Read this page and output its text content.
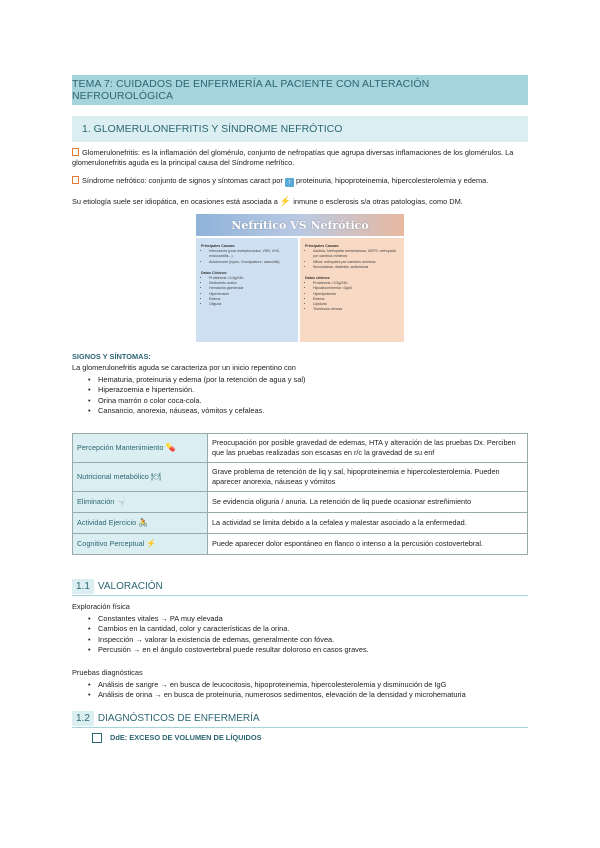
TEMA 7: CUIDADOS DE ENFERMERÍA AL PACIENTE CON ALTERACIÓN NEFROUROLÓGICA
1. GLOMERULONEFRITIS Y SÍNDROME NEFRÓTICO
Glomerulonefritis: es la inflamación del glomérulo, conjunto de nefropatías que agrupa diversas inflamaciones de los glomérulos. La glomerulonefritis aguda es la principal causa del Síndrome nefrítico.
Síndrome nefrótico: conjunto de signos y síntomas caract por ↑ proteinuria, hipoproteinemia, hipercolesterolemia y edema.
Su etiología suele ser idiopática, en ocasiones está asociada a ⚡ inmune o esclerosis s/a otras patologías, como DM.
Nefrítico VS Nefrótico
Principales Causas:
• Infecciones (post estreptocócica, VHB, VHC, endocarditis...)
• Autoinmune (lupus, Goodpasture, vasculitis)
Datos Clínicos:
• Proteinuria <3,5g/24h
• Sedimento activo
• Hematuria glomerular
• Hipertensión
• Edema
• Oliguria
Principales Causas:
• Adultos: Nefropatía membranosa, GEFS, nefropatía por cambios mínimos
• Niños: nefropatía por cambios mínimos
• Secundarias: diabetes, amiloidosis
Datos clínicos:
• Proteinuria >3,5g/24h
• Hipoalbuminemia <3g/dl
• Hiperlipidemia
• Edema
• Lipiduria
• Trombosis venosa
SIGNOS Y SÍNTOMAS:
La glomerulonefritis aguda se caracteriza por un inicio repentino con
• Hematuria, proteinuria y edema (por la retención de agua y sal)
• Hiperazoemia e hipertensión.
• Orina marrón o color coca-cola.
• Cansancio, anorexia, náuseas, vómitos y cefaleas.
Percepción Mantenimiento 💊	Preocupación por posible gravedad de edemas, HTA y alteración de las pruebas Dx. Perciben que las pruebas realizadas son escasas en r/c la gravedad de su enf
Nutricional metabólico 🍽	Grave problema de retención de liq y sal, hipoproteinemia e hipercolesterolemia. Pueden aparecer anorexia, náuseas y vómitos
Eliminación 🚽	Se evidencia oliguria / anuria. La retención de liq puede ocasionar estreñimiento
Actividad Ejercicio 🚴	La actividad se limita debido a la cefalea y malestar asociado a la enfermedad.
Cognitivo Perceptual ⚡	Puede aparecer dolor espontáneo en flanco o intenso a la percusión costovertebral.
1.1 VALORACIÓN
Exploración física
• Constantes vitales → PA muy elevada
• Cambios en la cantidad, color y características de la orina.
• Inspección → valorar la existencia de edemas, generalmente con fóvea.
• Percusión → en el ángulo costovertebral puede resultar doloroso en casos graves.
Pruebas diagnósticas
• Análisis de sangre → en busca de leucocitosis, hipoproteinemia, hipercolesterolemia y disminución de IgG
• Análisis de orina → en busca de proteinuria, numerosos sedimentos, elevación de la densidad y microhematuria
1.2 DIAGNÓSTICOS DE ENFERMERÍA
DdE: EXCESO DE VOLUMEN DE LÍQUIDOS
